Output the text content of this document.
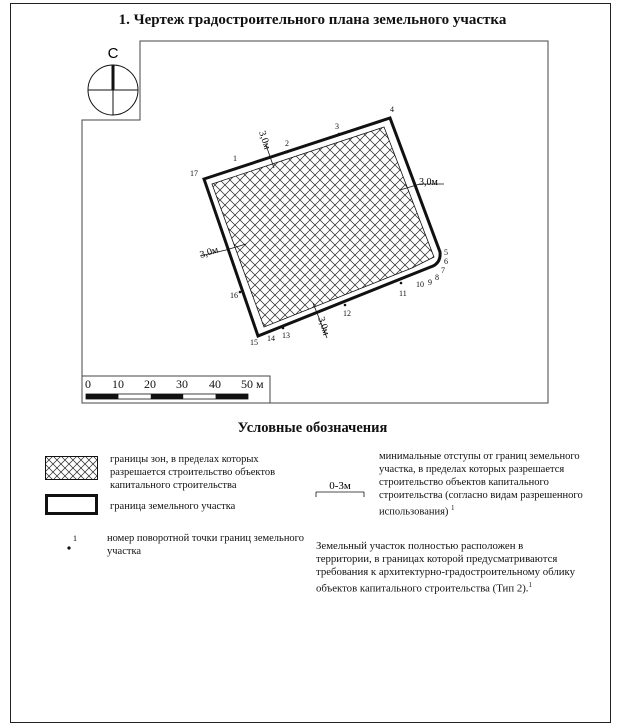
1. Чертеж градостроительного плана земельного участка
С
3,0м
3,0м
3,0м
3,0м
1
2
3
4
5
6
7
8
9
10
11
12
13
14
15
16
17
0 10 20 30 40 50 м
Условные обозначения
границы зон, в пределах которых разрешается строительство объектов капитального строительства
граница земельного участка
1	номер поворотной точки границ земельного участка
0-3м
минимальные отступы от границ земельного участка, в пределах которых разрешается строительство объектов капитального строительства (согласно видам разрешенного использования) $^1$
Земельный участок полностью расположен в территории, в границах которой предусматриваются требования к архитектурно-градостроительному облику объектов капитального строительства (Тип 2).$^1$
